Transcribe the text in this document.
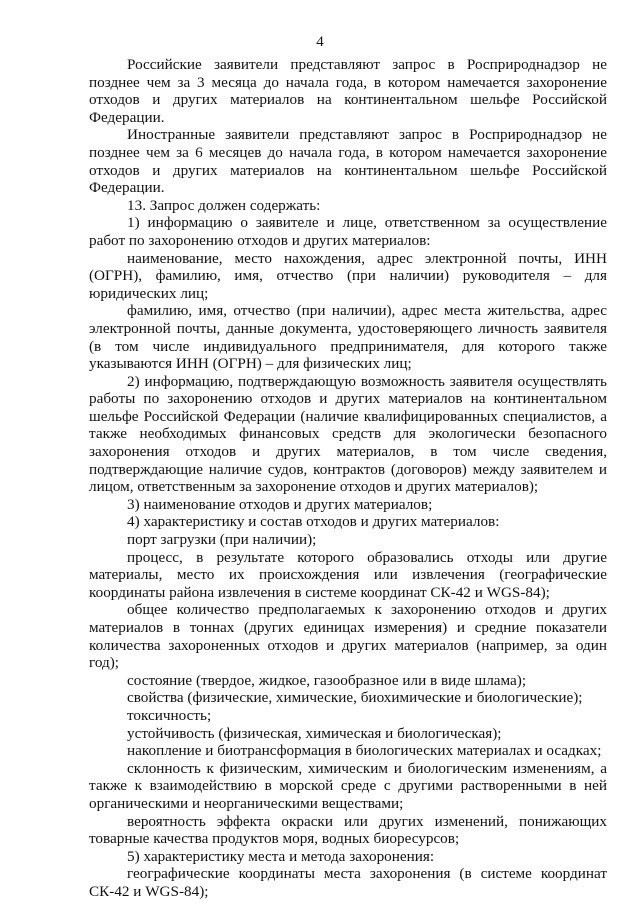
4

Российские заявители представляют запрос в Росприроднадзор не позднее чем за 3 месяца до начала года, в котором намечается захоронение отходов и других материалов на континентальном шельфе Российской Федерации.

Иностранные заявители представляют запрос в Росприроднадзор не позднее чем за 6 месяцев до начала года, в котором намечается захоронение отходов и других материалов на континентальном шельфе Российской Федерации.

13. Запрос должен содержать:

1) информацию о заявителе и лице, ответственном за осуществление работ по захоронению отходов и других материалов:

наименование, место нахождения, адрес электронной почты, ИНН (ОГРН), фамилию, имя, отчество (при наличии) руководителя – для юридических лиц;

фамилию, имя, отчество (при наличии), адрес места жительства, адрес электронной почты, данные документа, удостоверяющего личность заявителя (в том числе индивидуального предпринимателя, для которого также указываются ИНН (ОГРН) – для физических лиц;

2) информацию, подтверждающую возможность заявителя осуществлять работы по захоронению отходов и других материалов на континентальном шельфе Российской Федерации (наличие квалифицированных специалистов, а также необходимых финансовых средств для экологически безопасного захоронения отходов и других материалов, в том числе сведения, подтверждающие наличие судов, контрактов (договоров) между заявителем и лицом, ответственным за захоронение отходов и других материалов);

3) наименование отходов и других материалов;

4) характеристику и состав отходов и других материалов:

порт загрузки (при наличии);

процесс, в результате которого образовались отходы или другие материалы, место их происхождения или извлечения (географические координаты района извлечения в системе координат СК-42 и WGS-84);

общее количество предполагаемых к захоронению отходов и других материалов в тоннах (других единицах измерения) и средние показатели количества захороненных отходов и других материалов (например, за один год);

состояние (твердое, жидкое, газообразное или в виде шлама);

свойства (физические, химические, биохимические и биологические);

токсичность;

устойчивость (физическая, химическая и биологическая);

накопление и биотрансформация в биологических материалах и осадках;

склонность к физическим, химическим и биологическим изменениям, а также к взаимодействию в морской среде с другими растворенными в ней органическими и неорганическими веществами;

вероятность эффекта окраски или других изменений, понижающих товарные качества продуктов моря, водных биоресурсов;

5) характеристику места и метода захоронения:

географические координаты места захоронения (в системе координат СК-42 и WGS-84);
